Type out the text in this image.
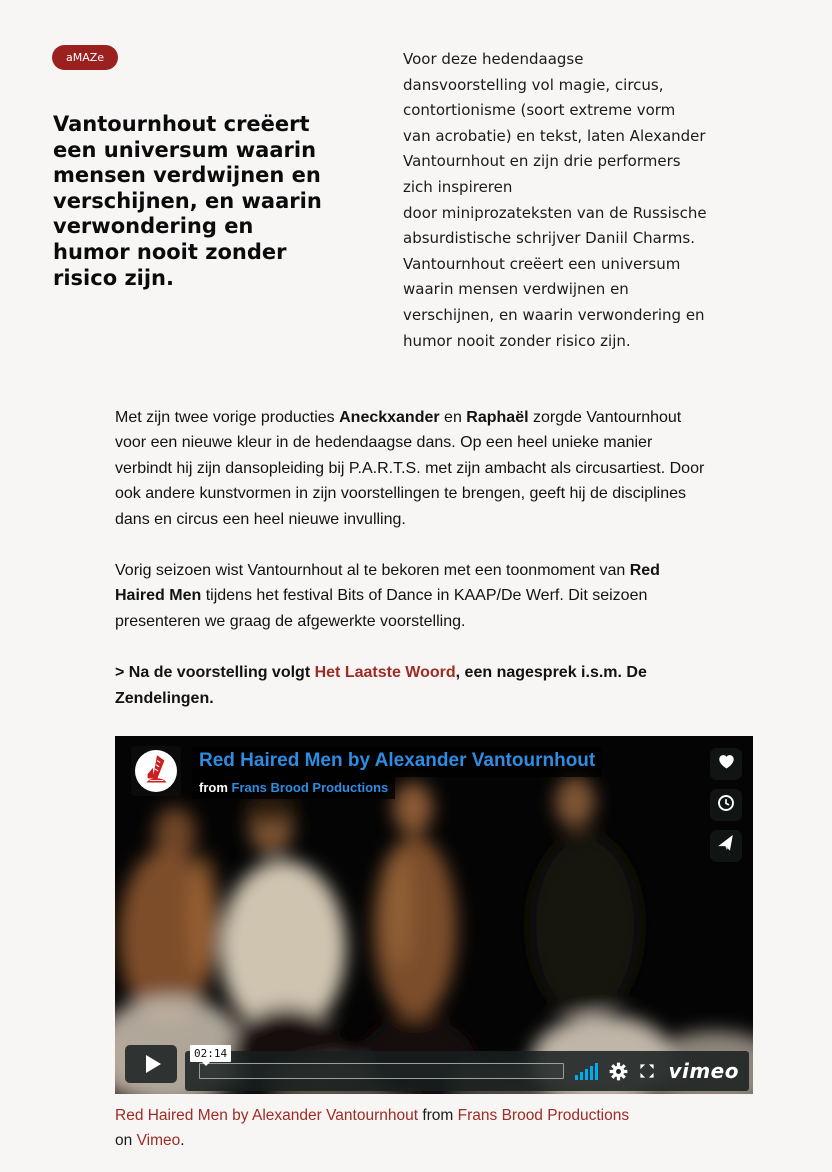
aMAZe
Vantournhout creëert een universum waarin mensen verdwijnen en verschijnen, en waarin verwondering en humor nooit zonder risico zijn.

Voor deze hedendaagse dansvoorstelling vol magie, circus, contortionisme (soort extreme vorm van acrobatie) en tekst, laten Alexander Vantournhout en zijn drie performers zich inspireren
door miniprozateksten van de Russische absurdistische schrijver Daniil Charms. Vantournhout creëert een universum waarin mensen verdwijnen en verschijnen, en waarin verwondering en humor nooit zonder risico zijn.

Met zijn twee vorige producties Aneckxander en Raphaël zorgde Vantournhout voor een nieuwe kleur in de hedendaagse dans. Op een heel unieke manier verbindt hij zijn dansopleiding bij P.A.R.T.S. met zijn ambacht als circusartiest. Door ook andere kunstvormen in zijn voorstellingen te brengen, geeft hij de disciplines dans en circus een heel nieuwe invulling.

Vorig seizoen wist Vantournhout al te bekoren met een toonmoment van Red Haired Men tijdens het festival Bits of Dance in KAAP/De Werf. Dit seizoen presenteren we graag de afgewerkte voorstelling.

> Na de voorstelling volgt Het Laatste Woord, een nagesprek i.s.m. De Zendelingen.

Red Haired Men by Alexander Vantournhout
from Frans Brood Productions
vimeo
02:14

Red Haired Men by Alexander Vantournhout from Frans Brood Productions
on Vimeo.
